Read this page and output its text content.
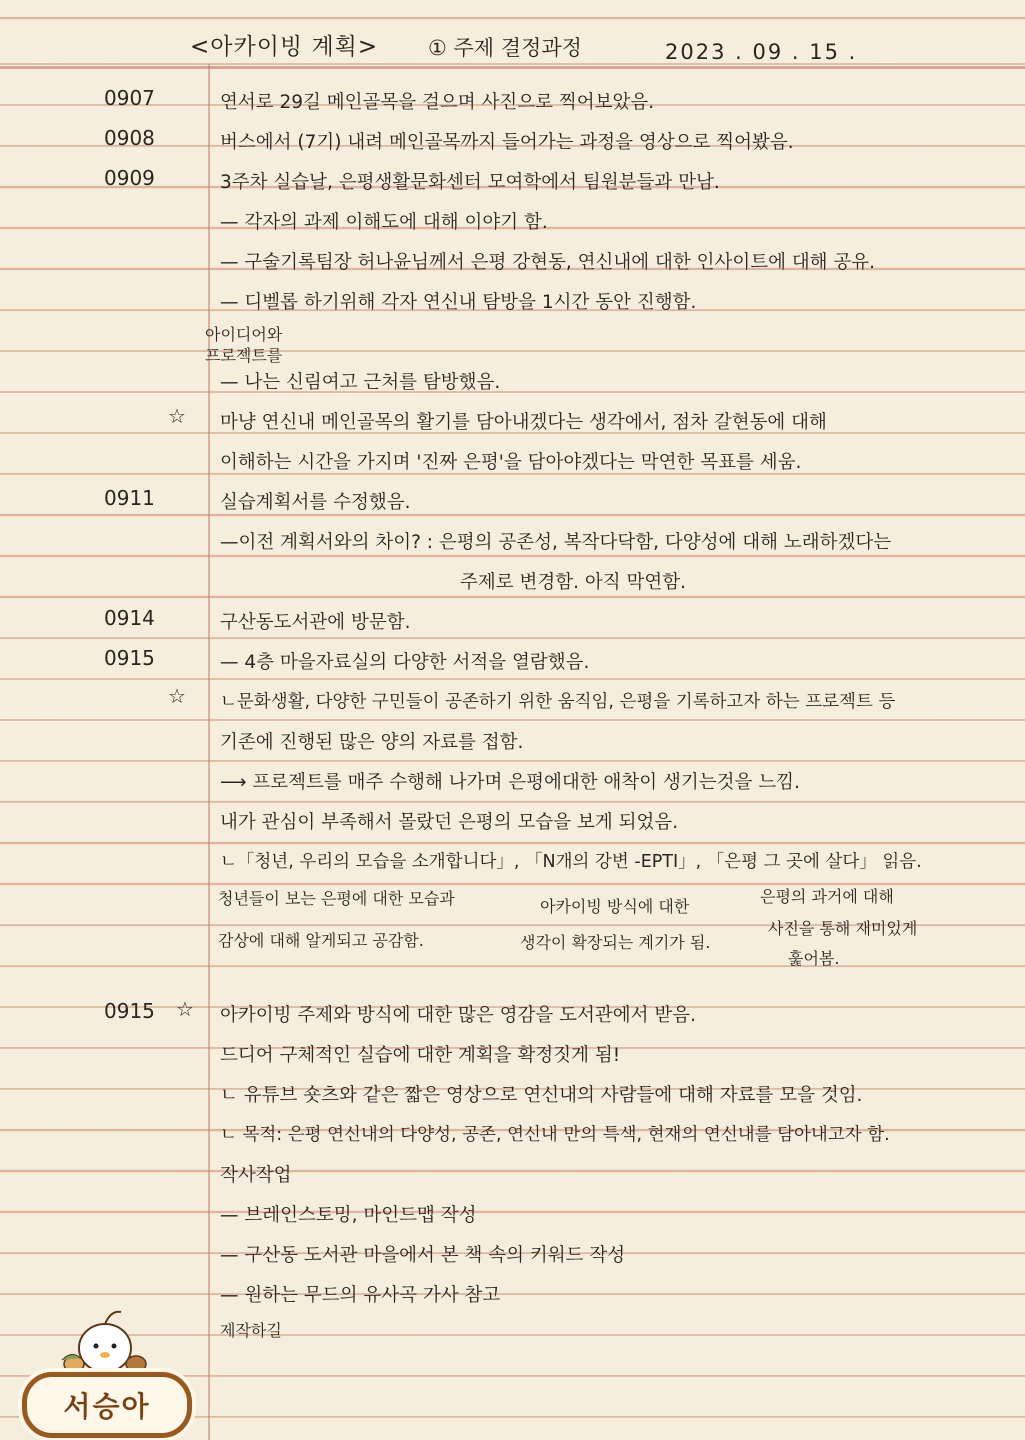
<아카이빙 계획> ① 주제 결정과정	2023 . 09 . 15 .
0907	연서로 29길 메인골목을 걸으며 사진으로 찍어보았음.
0908	버스에서 (7기) 내려 메인골목까지 들어가는 과정을 영상으로 찍어봤음.
0909	3주차 실습날, 은평생활문화센터 모여학에서 팀원분들과 만남.
— 각자의 과제 이해도에 대해 이야기 함.
— 구술기록팀장 허나윤님께서 은평 강현동, 연신내에 대한 인사이트에 대해 공유.
— 디벨롭 하기위해 각자 연신내 탐방을 1시간 동안 진행함.
아이디어와
프로젝트를
— 나는 신림여고 근처를 탐방했음.
☆ 마냥 연신내 메인골목의 활기를 담아내겠다는 생각에서, 점차 갈현동에 대해
이해하는 시간을 가지며 '진짜 은평'을 담아야겠다는 막연한 목표를 세움.
0911	실습계획서를 수정했음.
—이전 계획서와의 차이? : 은평의 공존성, 복작다닥함, 다양성에 대해 노래하겠다는
주제로 변경함. 아직 막연함.
0914	구산동도서관에 방문함.
0915	— 4층 마을자료실의 다양한 서적을 열람했음.
☆ ㄴ문화생활, 다양한 구민들이 공존하기 위한 움직임, 은평을 기록하고자 하는 프로젝트 등
기존에 진행된 많은 양의 자료를 접함.
⟶ 프로젝트를 매주 수행해 나가며 은평에대한 애착이 생기는것을 느낌.
내가 관심이 부족해서 몰랐던 은평의 모습을 보게 되었음.
ㄴ「청년, 우리의 모습을 소개합니다」, 「N개의 강변 -EPTI」, 「은평 그 곳에 살다」 읽음.
청년들이 보는 은평에 대한 모습과
감상에 대해 알게되고 공감함.
아카이빙 방식에 대한
생각이 확장되는 계기가 됨.
은평의 과거에 대해
사진을 통해 재미있게
훑어봄.
0915	☆ 아카이빙 주제와 방식에 대한 많은 영감을 도서관에서 받음.
드디어 구체적인 실습에 대한 계획을 확정짓게 됨!
ㄴ 유튜브 숏츠와 같은 짧은 영상으로 연신내의 사람들에 대해 자료를 모을 것임.
ㄴ 목적: 은평 연신내의 다양성, 공존, 연신내 만의 특색, 현재의 연신내를 담아내고자 함.
작사작업
— 브레인스토밍, 마인드맵 작성
— 구산동 도서관 마을에서 본 책 속의 키워드 작성
— 원하는 무드의 유사곡 가사 참고
제작하길
서승아
